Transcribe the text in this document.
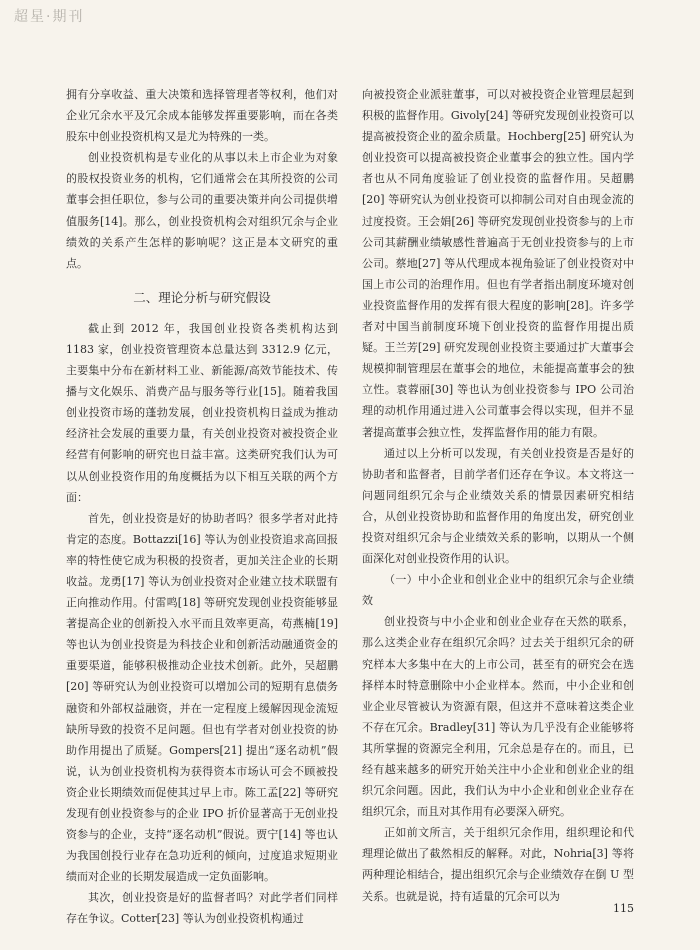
超星·期刊

拥有分享收益、重大决策和选择管理者等权利，他们对企业冗余水平及冗余成本能够发挥重要影响，而在各类股东中创业投资机构又是尤为特殊的一类。

创业投资机构是专业化的从事以未上市企业为对象的股权投资业务的机构，它们通常会在其所投资的公司董事会担任职位，参与公司的重要决策并向公司提供增值服务[14]。那么，创业投资机构会对组织冗余与企业绩效的关系产生怎样的影响呢？这正是本文研究的重点。

二、理论分析与研究假设

截止到 2012 年，我国创业投资各类机构达到 1183 家，创业投资管理资本总量达到 3312.9 亿元，主要集中分布在新材料工业、新能源/高效节能技术、传播与文化娱乐、消费产品与服务等行业[15]。随着我国创业投资市场的蓬勃发展，创业投资机构日益成为推动经济社会发展的重要力量，有关创业投资对被投资企业经营有何影响的研究也日益丰富。这类研究我们认为可以从创业投资作用的角度概括为以下相互关联的两个方面：

首先，创业投资是好的协助者吗？很多学者对此持肯定的态度。Bottazzi[16] 等认为创业投资追求高回报率的特性使它成为积极的投资者，更加关注企业的长期收益。龙勇[17] 等认为创业投资对企业建立技术联盟有正向推动作用。付雷鸣[18] 等研究发现创业投资能够显著提高企业的创新投入水平而且效率更高，苟燕楠[19] 等也认为创业投资是为科技企业和创新活动融通资金的重要渠道，能够积极推动企业技术创新。此外，吴超鹏[20] 等研究认为创业投资可以增加公司的短期有息债务融资和外部权益融资，并在一定程度上缓解因现金流短缺所导致的投资不足问题。但也有学者对创业投资的协助作用提出了质疑。Gompers[21] 提出“逐名动机”假说，认为创业投资机构为获得资本市场认可会不顾被投资企业长期绩效而促使其过早上市。陈工孟[22] 等研究发现有创业投资参与的企业 IPO 折价显著高于无创业投资参与的企业，支持“逐名动机”假说。贾宁[14] 等也认为我国创投行业存在急功近利的倾向，过度追求短期业绩而对企业的长期发展造成一定负面影响。

其次，创业投资是好的监督者吗？对此学者们同样存在争议。Cotter[23] 等认为创业投资机构通过

向被投资企业派驻董事，可以对被投资企业管理层起到积极的监督作用。Givoly[24] 等研究发现创业投资可以提高被投资企业的盈余质量。Hochberg[25] 研究认为创业投资可以提高被投资企业董事会的独立性。国内学者也从不同角度验证了创业投资的监督作用。吴超鹏[20] 等研究认为创业投资可以抑制公司对自由现金流的过度投资。王会娟[26] 等研究发现创业投资参与的上市公司其薪酬业绩敏感性普遍高于无创业投资参与的上市公司。蔡地[27] 等从代理成本视角验证了创业投资对中国上市公司的治理作用。但也有学者指出制度环境对创业投资监督作用的发挥有很大程度的影响[28]。许多学者对中国当前制度环境下创业投资的监督作用提出质疑。王兰芳[29] 研究发现创业投资主要通过扩大董事会规模抑制管理层在董事会的地位，未能提高董事会的独立性。袁蓉丽[30] 等也认为创业投资参与 IPO 公司治理的动机作用通过进入公司董事会得以实现，但并不显著提高董事会独立性，发挥监督作用的能力有限。

通过以上分析可以发现，有关创业投资是否是好的协助者和监督者，目前学者们还存在争议。本文将这一问题同组织冗余与企业绩效关系的情景因素研究相结合，从创业投资协助和监督作用的角度出发，研究创业投资对组织冗余与企业绩效关系的影响，以期从一个侧面深化对创业投资作用的认识。

（一）中小企业和创业企业中的组织冗余与企业绩效

创业投资与中小企业和创业企业存在天然的联系，那么这类企业存在组织冗余吗？过去关于组织冗余的研究样本大多集中在大的上市公司，甚至有的研究会在选择样本时特意删除中小企业样本。然而，中小企业和创业企业尽管被认为资源有限，但这并不意味着这类企业不存在冗余。Bradley[31] 等认为几乎没有企业能够将其所掌握的资源完全利用，冗余总是存在的。而且，已经有越来越多的研究开始关注中小企业和创业企业的组织冗余问题。因此，我们认为中小企业和创业企业存在组织冗余，而且对其作用有必要深入研究。

正如前文所言，关于组织冗余作用，组织理论和代理理论做出了截然相反的解释。对此，Nohria[3] 等将两种理论相结合，提出组织冗余与企业绩效存在倒 U 型关系。也就是说，持有适量的冗余可以为

115
